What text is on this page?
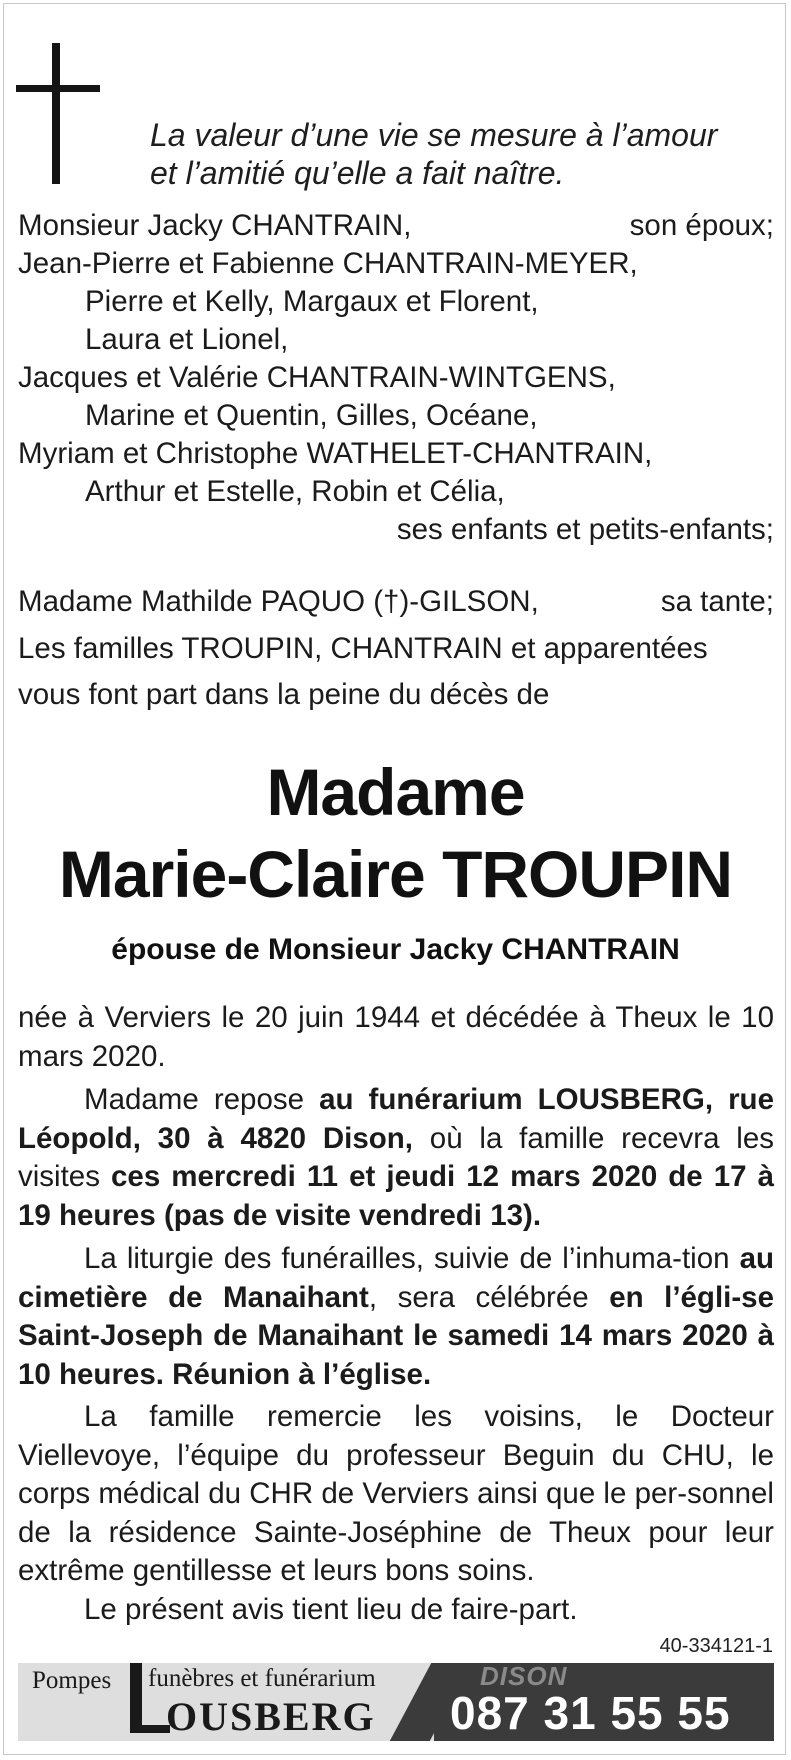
La valeur d’une vie se mesure à l’amour
et l’amitié qu’elle a fait naître.
Monsieur Jacky CHANTRAIN,	son époux;
Jean-Pierre et Fabienne CHANTRAIN-MEYER,
Pierre et Kelly, Margaux et Florent,
Laura et Lionel,
Jacques et Valérie CHANTRAIN-WINTGENS,
Marine et Quentin, Gilles, Océane,
Myriam et Christophe WATHELET-CHANTRAIN,
Arthur et Estelle, Robin et Célia,
ses enfants et petits-enfants;
Madame Mathilde PAQUO (†)-GILSON,	sa tante;
Les familles TROUPIN, CHANTRAIN et apparentées
vous font part dans la peine du décès de
Madame
Marie-Claire TROUPIN
épouse de Monsieur Jacky CHANTRAIN
née à Verviers le 20 juin 1944 et décédée à Theux le 10 mars 2020.
Madame repose au funérarium LOUSBERG, rue Léopold, 30 à 4820 Dison, où la famille recevra les visites ces mercredi 11 et jeudi 12 mars 2020 de 17 à 19 heures (pas de visite vendredi 13).
La liturgie des funérailles, suivie de l’inhuma-tion au cimetière de Manaihant, sera célébrée en l’égli-se Saint-Joseph de Manaihant le samedi 14 mars 2020 à 10 heures. Réunion à l’église.
La famille remercie les voisins, le Docteur Viellevoye, l’équipe du professeur Beguin du CHU, le corps médical du CHR de Verviers ainsi que le per-sonnel de la résidence Sainte-Joséphine de Theux pour leur extrême gentillesse et leurs bons soins.
Le présent avis tient lieu de faire-part.
40-334121-1
Pompes funèbres et funérarium
OUSBERG
DISON
087 31 55 55
